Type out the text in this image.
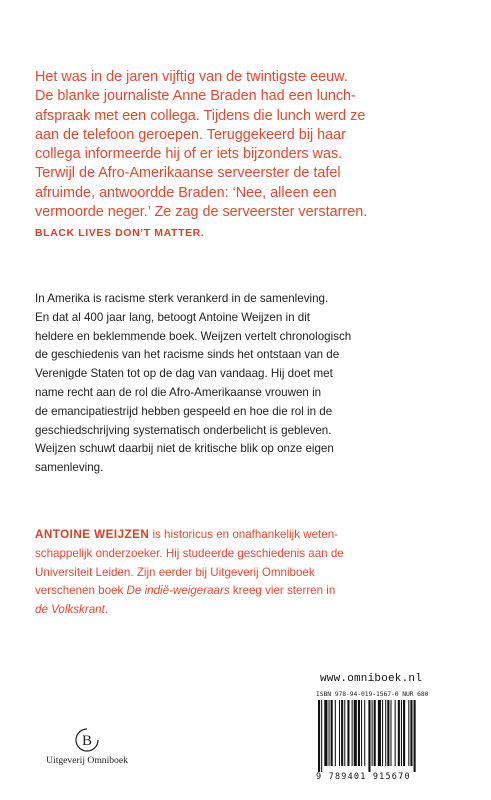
Het was in de jaren vijftig van de twintigste eeuw.
De blanke journaliste Anne Braden had een lunch-
afspraak met een collega. Tijdens die lunch werd ze
aan de telefoon geroepen. Teruggekeerd bij haar
collega informeerde hij of er iets bijzonders was.
Terwijl de Afro-Amerikaanse serveerster de tafel
afruimde, antwoordde Braden: ‘Nee, alleen een
vermoorde neger.’ Ze zag de serveerster verstarren.
BLACK LIVES DON’T MATTER.
In Amerika is racisme sterk verankerd in de samenleving.
En dat al 400 jaar lang, betoogt Antoine Weijzen in dit
heldere en beklemmende boek. Weijzen vertelt chronologisch
de geschiedenis van het racisme sinds het ontstaan van de
Verenigde Staten tot op de dag van vandaag. Hij doet met
name recht aan de rol die Afro-Amerikaanse vrouwen in
de emancipatiestrijd hebben gespeeld en hoe die rol in de
geschiedschrijving systematisch onderbelicht is gebleven.
Weijzen schuwt daarbij niet de kritische blik op onze eigen
samenleving.
ANTOINE WEIJZEN is historicus en onafhankelijk weten-
schappelijk onderzoeker. Hij studeerde geschiedenis aan de
Universiteit Leiden. Zijn eerder bij Uitgeverij Omniboek
verschenen boek De indië-weigeraars kreeg vier sterren in
de Volkskrant.
B
Uitgeverij Omniboek
www.omniboek.nl
ISBN 978-94-019-1567-0 NUR 680
9 789401 915670
